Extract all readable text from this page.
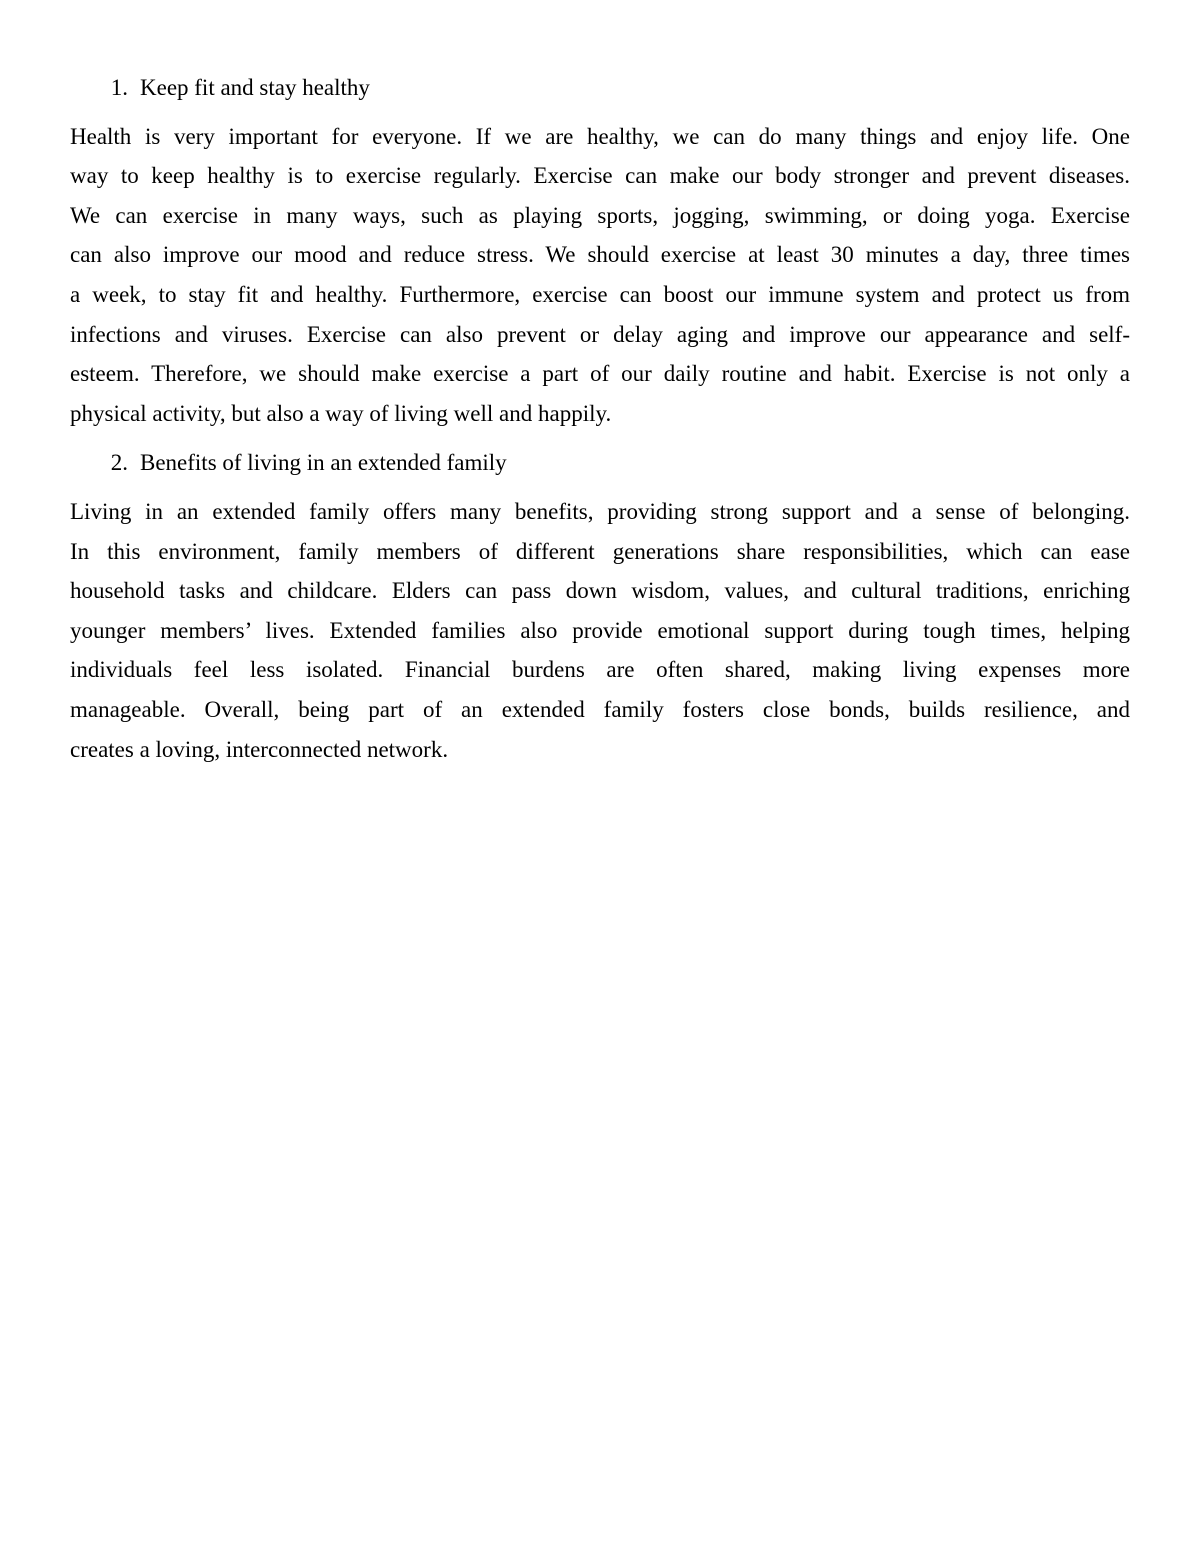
1. Keep fit and stay healthy
Health is very important for everyone. If we are healthy, we can do many things and enjoy life. One
way to keep healthy is to exercise regularly. Exercise can make our body stronger and prevent diseases.
We can exercise in many ways, such as playing sports, jogging, swimming, or doing yoga. Exercise
can also improve our mood and reduce stress. We should exercise at least 30 minutes a day, three times
a week, to stay fit and healthy. Furthermore, exercise can boost our immune system and protect us from
infections and viruses. Exercise can also prevent or delay aging and improve our appearance and self-
esteem. Therefore, we should make exercise a part of our daily routine and habit. Exercise is not only a
physical activity, but also a way of living well and happily.
2. Benefits of living in an extended family
Living in an extended family offers many benefits, providing strong support and a sense of belonging.
In this environment, family members of different generations share responsibilities, which can ease
household tasks and childcare. Elders can pass down wisdom, values, and cultural traditions, enriching
younger members’ lives. Extended families also provide emotional support during tough times, helping
individuals feel less isolated. Financial burdens are often shared, making living expenses more
manageable. Overall, being part of an extended family fosters close bonds, builds resilience, and
creates a loving, interconnected network.
